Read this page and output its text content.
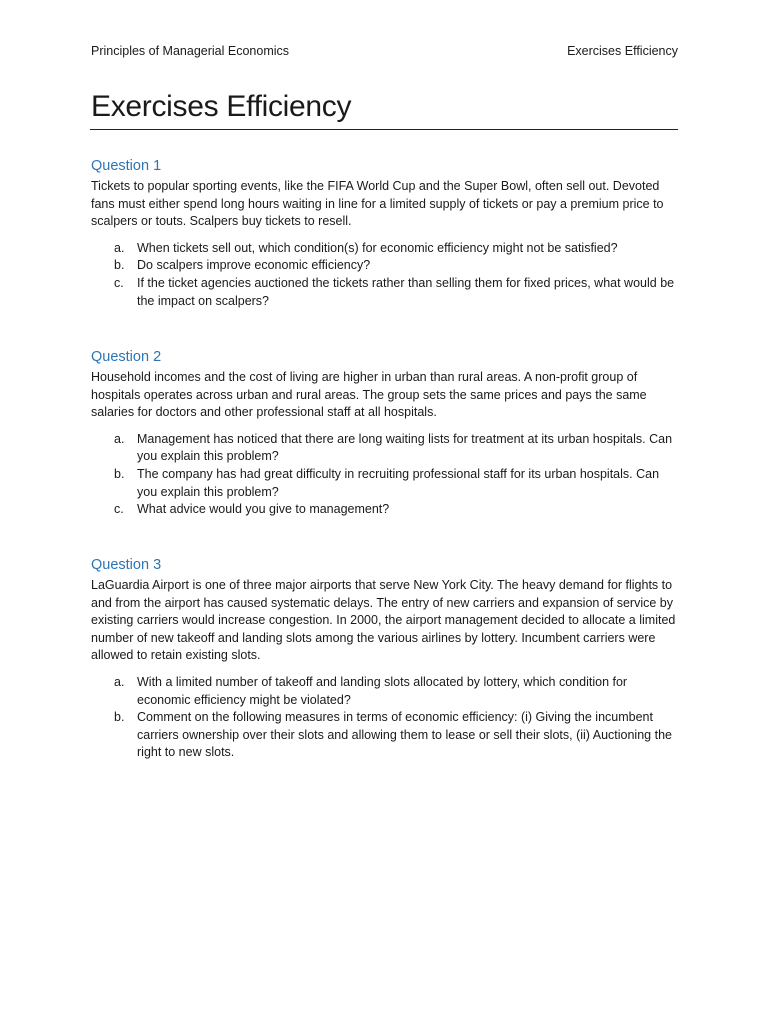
Principles of Managerial Economics	Exercises Efficiency
Exercises Efficiency
Question 1

Tickets to popular sporting events, like the FIFA World Cup and the Super Bowl, often sell out. Devoted fans must either spend long hours waiting in line for a limited supply of tickets or pay a premium price to scalpers or touts. Scalpers buy tickets to resell.

a.	When tickets sell out, which condition(s) for economic efficiency might not be satisfied?
b.	Do scalpers improve economic efficiency?
c.	If the ticket agencies auctioned the tickets rather than selling them for fixed prices, what would be the impact on scalpers?
Question 2

Household incomes and the cost of living are higher in urban than rural areas. A non-profit group of hospitals operates across urban and rural areas. The group sets the same prices and pays the same salaries for doctors and other professional staff at all hospitals.

a.	Management has noticed that there are long waiting lists for treatment at its urban hospitals. Can you explain this problem?
b.	The company has had great difficulty in recruiting professional staff for its urban hospitals. Can you explain this problem?
c.	What advice would you give to management?
Question 3

LaGuardia Airport is one of three major airports that serve New York City. The heavy demand for flights to and from the airport has caused systematic delays. The entry of new carriers and expansion of service by existing carriers would increase congestion. In 2000, the airport management decided to allocate a limited number of new takeoff and landing slots among the various airlines by lottery. Incumbent carriers were allowed to retain existing slots.

a.	With a limited number of takeoff and landing slots allocated by lottery, which condition for economic efficiency might be violated?
b.	Comment on the following measures in terms of economic efficiency: (i) Giving the incumbent carriers ownership over their slots and allowing them to lease or sell their slots, (ii) Auctioning the right to new slots.
